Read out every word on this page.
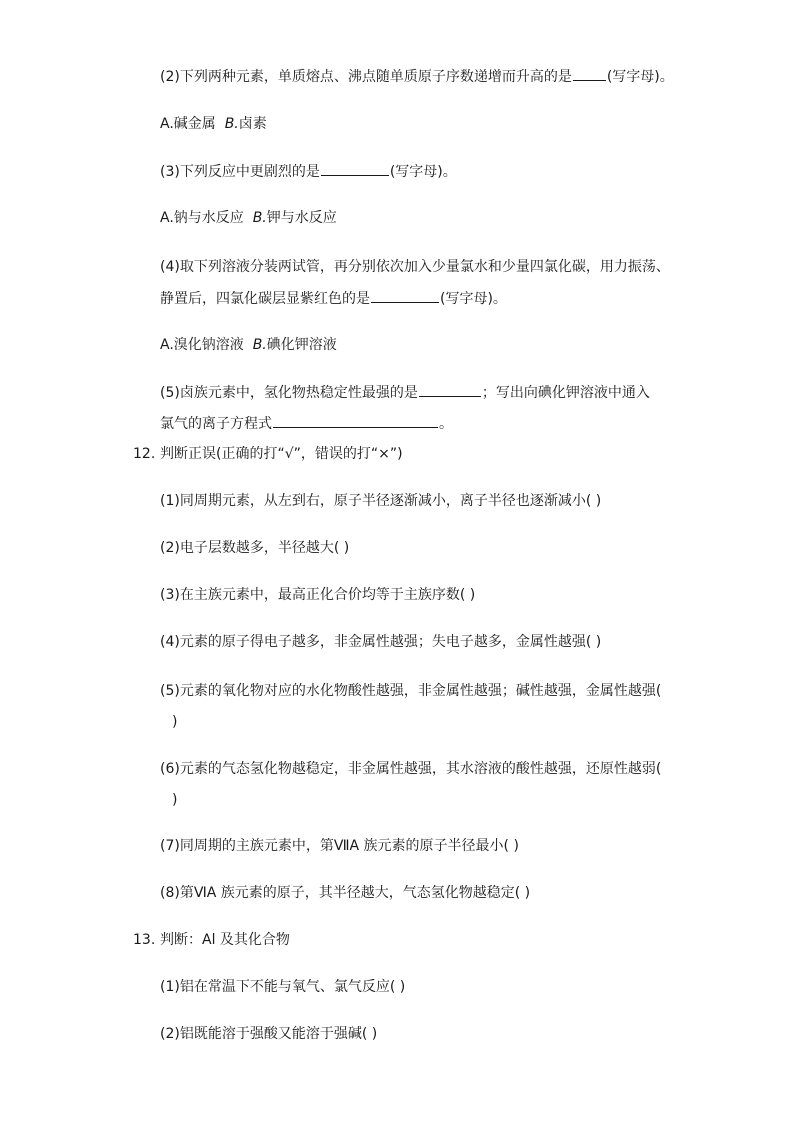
(2)下列两种元素，单质熔点、沸点随单质原子序数递增而升高的是	(写字母)。
A.碱金属 B.卤素
(3)下列反应中更剧烈的是	(写字母)。
A.钠与水反应 B.钾与水反应
(4)取下列溶液分装两试管，再分别依次加入少量氯水和少量四氯化碳，用力振荡、
静置后，四氯化碳层显紫红色的是	(写字母)。
A.溴化钠溶液 B.碘化钾溶液
(5)卤族元素中，氢化物热稳定性最强的是	；写出向碘化钾溶液中通入
氯气的离子方程式	。
12. 判断正误(正确的打“√”，错误的打“×”)
(1)同周期元素，从左到右，原子半径逐渐减小，离子半径也逐渐减小( )
(2)电子层数越多，半径越大( )
(3)在主族元素中，最高正化合价均等于主族序数( )
(4)元素的原子得电子越多，非金属性越强；失电子越多，金属性越强( )
(5)元素的氧化物对应的水化物酸性越强，非金属性越强；碱性越强，金属性越强(
)
(6)元素的气态氢化物越稳定，非金属性越强，其水溶液的酸性越强，还原性越弱(
)
(7)同周期的主族元素中，第ⅦA 族元素的原子半径最小( )
(8)第ⅥA 族元素的原子，其半径越大，气态氢化物越稳定( )
13. 判断：Al 及其化合物
(1)铝在常温下不能与氧气、氯气反应( )
(2)铝既能溶于强酸又能溶于强碱( )
